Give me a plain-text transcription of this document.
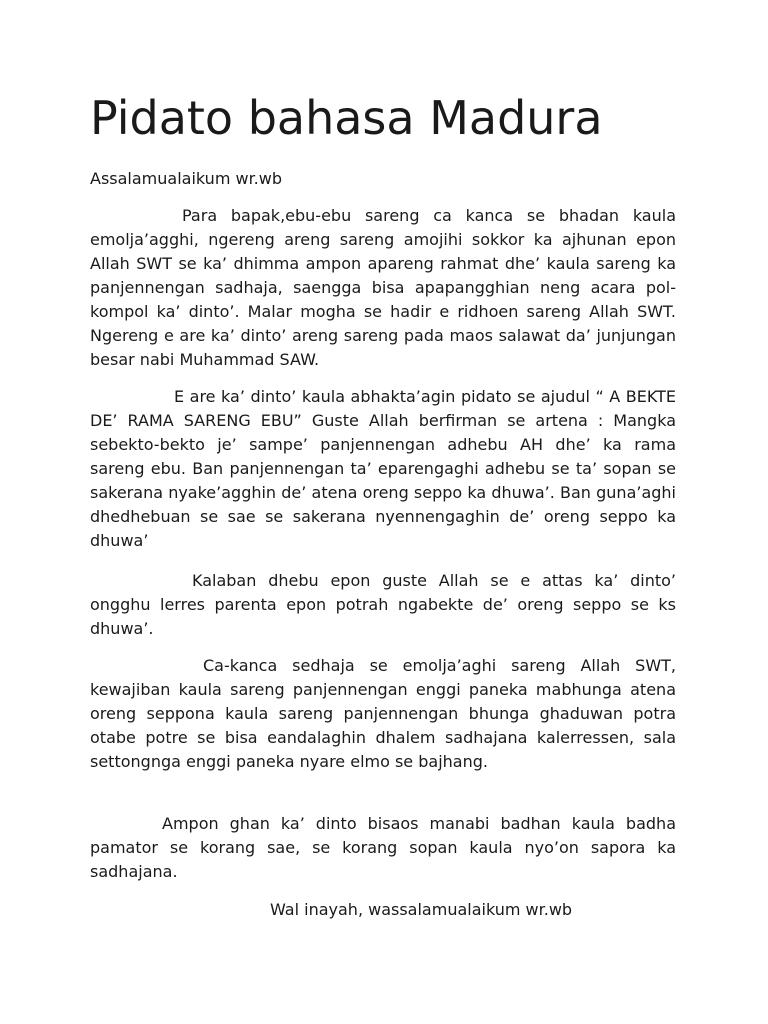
Pidato bahasa Madura

Assalamualaikum wr.wb

Para bapak,ebu-ebu sareng ca kanca se bhadan kaula emolja’agghi, ngereng areng sareng amojihi sokkor ka ajhunan epon Allah SWT se ka’ dhimma ampon apareng rahmat dhe’ kaula sareng ka panjennengan sadhaja, saengga bisa apapangghian neng acara pol-kompol ka’ dinto’. Malar mogha se hadir e ridhoen sareng Allah SWT. Ngereng e are ka’ dinto’ areng sareng pada maos salawat da’ junjungan besar nabi Muhammad SAW.

E are ka’ dinto’ kaula abhakta’agin pidato se ajudul “ A BEKTE DE’ RAMA SARENG EBU” Guste Allah berfirman se artena : Mangka sebekto-bekto je’ sampe’ panjennengan adhebu AH dhe’ ka rama sareng ebu. Ban panjennengan ta’ eparengaghi adhebu se ta’ sopan se sakerana nyake’agghin de’ atena oreng seppo ka dhuwa’. Ban guna’aghi dhedhebuan se sae se sakerana nyennengaghin de’ oreng seppo ka dhuwa’

Kalaban dhebu epon guste Allah se e attas ka’ dinto’ ongghu lerres parenta epon potrah ngabekte de’ oreng seppo se ks dhuwa’.

Ca-kanca sedhaja se emolja’aghi sareng Allah SWT, kewajiban kaula sareng panjennengan enggi paneka mabhunga atena oreng seppona kaula sareng panjennengan bhunga ghaduwan potra otabe potre se bisa eandalaghin dhalem sadhajana kalerressen, sala settongnga enggi paneka nyare elmo se bajhang.

Ampon ghan ka’ dinto bisaos manabi badhan kaula badha pamator se korang sae, se korang sopan kaula nyo’on sapora ka sadhajana.

Wal inayah, wassalamualaikum wr.wb
